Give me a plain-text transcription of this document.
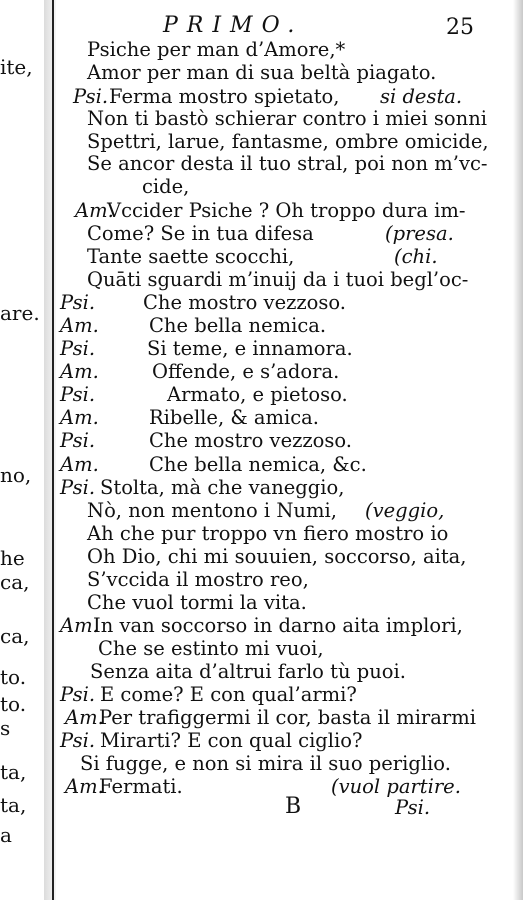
ite,
are.
no,
he
ca,
ca,
to.
to.
s
ta,
ta,
a
PRIMO.	25
Psiche per man d’Amore,*
Amor per man di sua beltà piagato.
Psi. Ferma mostro spietato, si desta.
Non ti bastò schierar contro i miei sonni
Spettri, larue, fantasme, ombre omicide,
Se ancor desta il tuo stral, poi non m’vc-
cide,
Am.
Vccider Psiche ? Oh troppo dura im-
Come? Se in tua difesa	(presa.
Tante saette scocchi,	(chi.
Quāti sguardi m’inuij da i tuoi begl’oc-
Psi. Che mostro vezzoso.
Am.	Che bella nemica.
Psi.	Si teme, e innamora.
Am.	Offende, e s’adora.
Psi.	Armato, e pietoso.
Am.	Ribelle, & amica.
Psi.	Che mostro vezzoso.
Am.	Che bella nemica, &c.
Psi. Stolta, mà che vaneggio,
Nò, non mentono i Numi, (veggio,
Ah che pur troppo vn fiero mostro io
Oh Dio, chi mi souuien, soccorso, aita,
S’vccida il mostro reo,
Che vuol tormi la vita.
Am.
In van soccorso in darno aita implori,
Che se estinto mi vuoi,
Senza aita d’altrui farlo tù puoi.
Psi. E come? E con qual’armi?
Am.
Per trafiggermi il cor, basta il mirarmi
Psi. Mirarti? E con qual ciglio?
Si fugge, e non si mira il suo periglio.
Am.
Fermati.	(vuol partire.
B	Psi.
